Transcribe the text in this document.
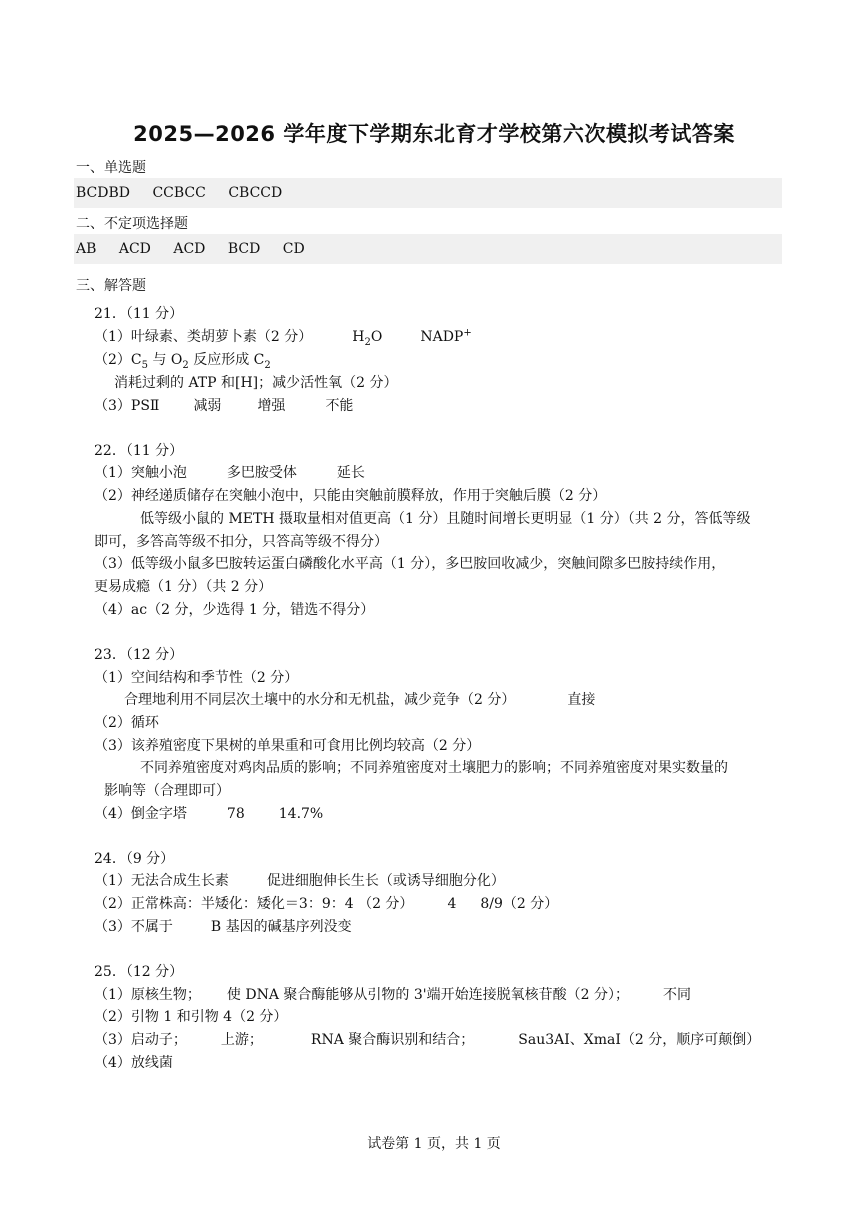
2025—2026 学年度下学期东北育才学校第六次模拟考试答案
一、单选题
BCDBD CCBCC CBCCD
二、不定项选择题
AB ACD ACD BCD CD
三、解答题
21．（11 分）
（1）叶绿素、类胡萝卜素（2 分）	$H_2O$	NADP+
$(2)C_5$ 与 $O_2$ 反应形成 $C_2$
消耗过剩的 ATP 和[H]；减少活性氧（2 分）
（3）PSⅡ 减弱	增强	不能
22．（11 分）
（1）突触小泡	多巴胺受体	延长
（2）神经递质储存在突触小泡中，只能由突触前膜释放，作用于突触后膜（2 分）
低等级小鼠的 METH 摄取量相对值更高（1 分）且随时间增长更明显（1 分）（共 2 分，答低等级
即可，多答高等级不扣分，只答高等级不得分）
（3）低等级小鼠多巴胺转运蛋白磷酸化水平高（1 分），多巴胺回收减少，突触间隙多巴胺持续作用，
更易成瘾（1 分）（共 2 分）
（4）ac（2 分，少选得 1 分，错选不得分）
23．（12 分）
（1）空间结构和季节性（2 分）
合理地利用不同层次土壤中的水分和无机盐，减少竞争（2 分）	直接
（2）循环
（3）该养殖密度下果树的单果重和可食用比例均较高（2 分）
不同养殖密度对鸡肉品质的影响；不同养殖密度对土壤肥力的影响；不同养殖密度对果实数量的
影响等（合理即可）
（4）倒金字塔	78 14.7%
24．（9 分）
（1）无法合成生长素	促进细胞伸长生长（或诱导细胞分化）
（2）正常株高：半矮化：矮化＝3：9：4 （2 分） 4 8/9（2 分）
（3）不属于	B 基因的碱基序列没变
25．（12 分）
（1）原核生物； 使 DNA 聚合酶能够从引物的 3'端开始连接脱氧核苷酸（2 分）； 不同
（2）引物 1 和引物 4（2 分）
（3）启动子； 上游；	RNA 聚合酶识别和结合；	Sau3AⅠ、XmaI（2 分，顺序可颠倒）
（4）放线菌
试卷第 1 页，共 1 页
